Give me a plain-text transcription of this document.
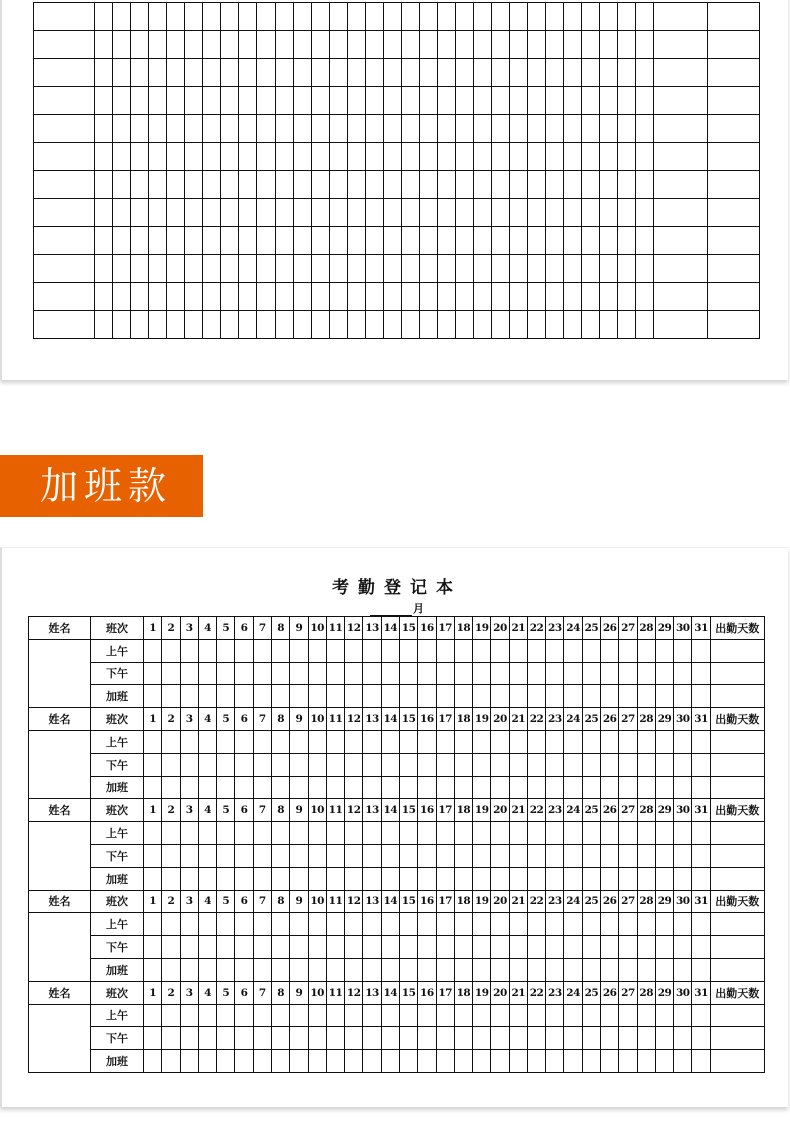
加班款
考勤登记本
月
姓名	班次	1	2	3	4	5	6	7	8	9	10	11	12	13	14	15	16	17	18	19	20	21	22	23	24	25	26	27	28	29	30	31	出勤天数
	上午																																
	下午																																
	加班																																
姓名	班次	1	2	3	4	5	6	7	8	9	10	11	12	13	14	15	16	17	18	19	20	21	22	23	24	25	26	27	28	29	30	31	出勤天数
	上午																																
	下午																																
	加班																																
姓名	班次	1	2	3	4	5	6	7	8	9	10	11	12	13	14	15	16	17	18	19	20	21	22	23	24	25	26	27	28	29	30	31	出勤天数
	上午																																
	下午																																
	加班																																
姓名	班次	1	2	3	4	5	6	7	8	9	10	11	12	13	14	15	16	17	18	19	20	21	22	23	24	25	26	27	28	29	30	31	出勤天数
	上午																																
	下午																																
	加班																																
姓名	班次	1	2	3	4	5	6	7	8	9	10	11	12	13	14	15	16	17	18	19	20	21	22	23	24	25	26	27	28	29	30	31	出勤天数
	上午																																
	下午																																
	加班																																
